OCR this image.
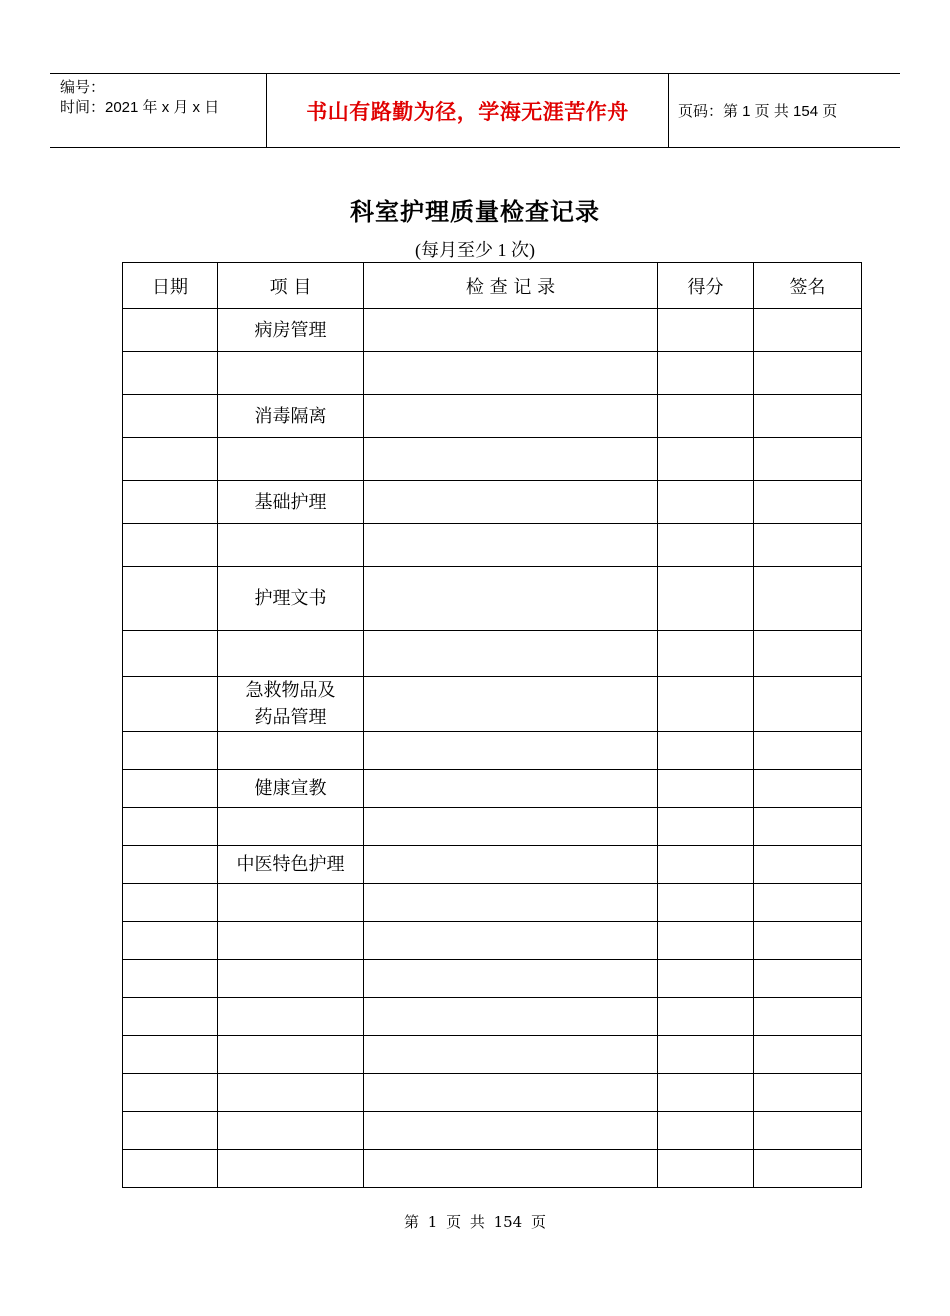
编号：
时间：2021 年 x 月 x 日	书山有路勤为径，学海无涯苦作舟	页码：第 1 页 共 154 页
科室护理质量检查记录
(每月至少 1 次)
日期	项 目	检 查 记 录	得分	签名
	病房管理			

	消毒隔离			

	基础护理			

	护理文书			

	急救物品及
药品管理			

	健康宣教			

	中医特色护理			

第 1 页 共 154 页
